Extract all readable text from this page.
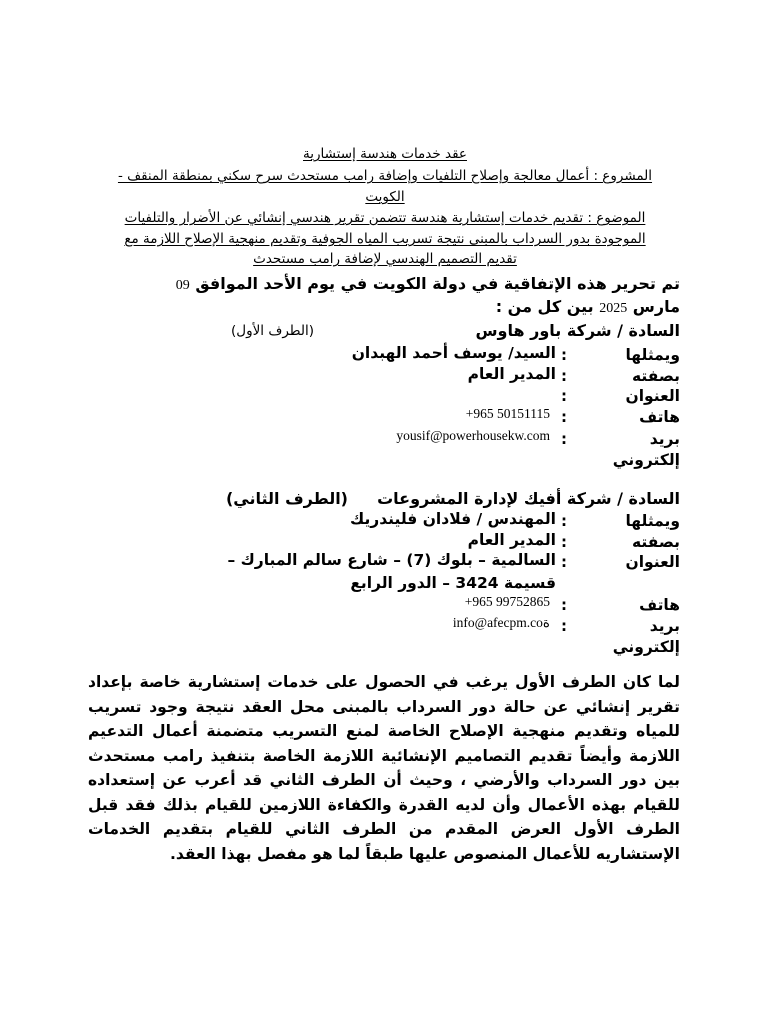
عقد خدمات هندسة إستشارية
المشروع : أعمال معالجة وإصلاح التلفيات وإضافة رامب مستحدث سرح سكني بمنطقة المنقف -
الكويت
الموضوع : تقديم خدمات إستشارية هندسة تتضمن تقرير هندسي إنشائي عن الأضرار والتلفيات
الموجودة بدور السرداب بالمبنى نتيجة تسريب المياه الجوفية وتقديم منهجية الإصلاح اللازمة مع
تقديم التصميم الهندسي لإضافة رامب مستحدث
تم تحرير هذه الإتفاقية في دولة الكويت في يوم الأحد الموافق 09
مارس 2025 بين كل من :
السادة / شركة باور هاوس
(الطرف الأول)
ويمثلها
:
السيد/ يوسف أحمد الهبدان
بصفته
:
المدير العام
العنوان
:
هاتف
:
+965 50151115
بريد
:
yousif@powerhousekw.com
إلكتروني
السادة / شركة أفيك لإدارة المشروعات
(الطرف الثاني)
ويمثلها
:
المهندس / فلادان فليندريك
بصفته
:
المدير العام
العنوان
:
السالمية – بلوك (7) – شارع سالم المبارك –
قسيمة 3424 – الدور الرابع
هاتف
:
+965 99752865
بريد
:
info@afecpm.coة
إلكتروني
لما كان الطرف الأول يرغب في الحصول على خدمات إستشارية خاصة بإعداد تقرير إنشائي عن حالة دور السرداب بالمبنى محل العقد نتيجة وجود تسريب للمياه وتقديم منهجية الإصلاح الخاصة لمنع التسريب متضمنة أعمال التدعيم اللازمة وأيضاً تقديم التصاميم الإنشائية اللازمة الخاصة بتنفيذ رامب مستحدث بين دور السرداب والأرضي ، وحيث أن الطرف الثاني قد أعرب عن إستعداده للقيام بهذه الأعمال وأن لديه القدرة والكفاءة اللازمين للقيام بذلك فقد قبل الطرف الأول العرض المقدم من الطرف الثاني للقيام بتقديم الخدمات الإستشاريه للأعمال المنصوص عليها طبقاً لما هو مفصل بهذا العقد.
